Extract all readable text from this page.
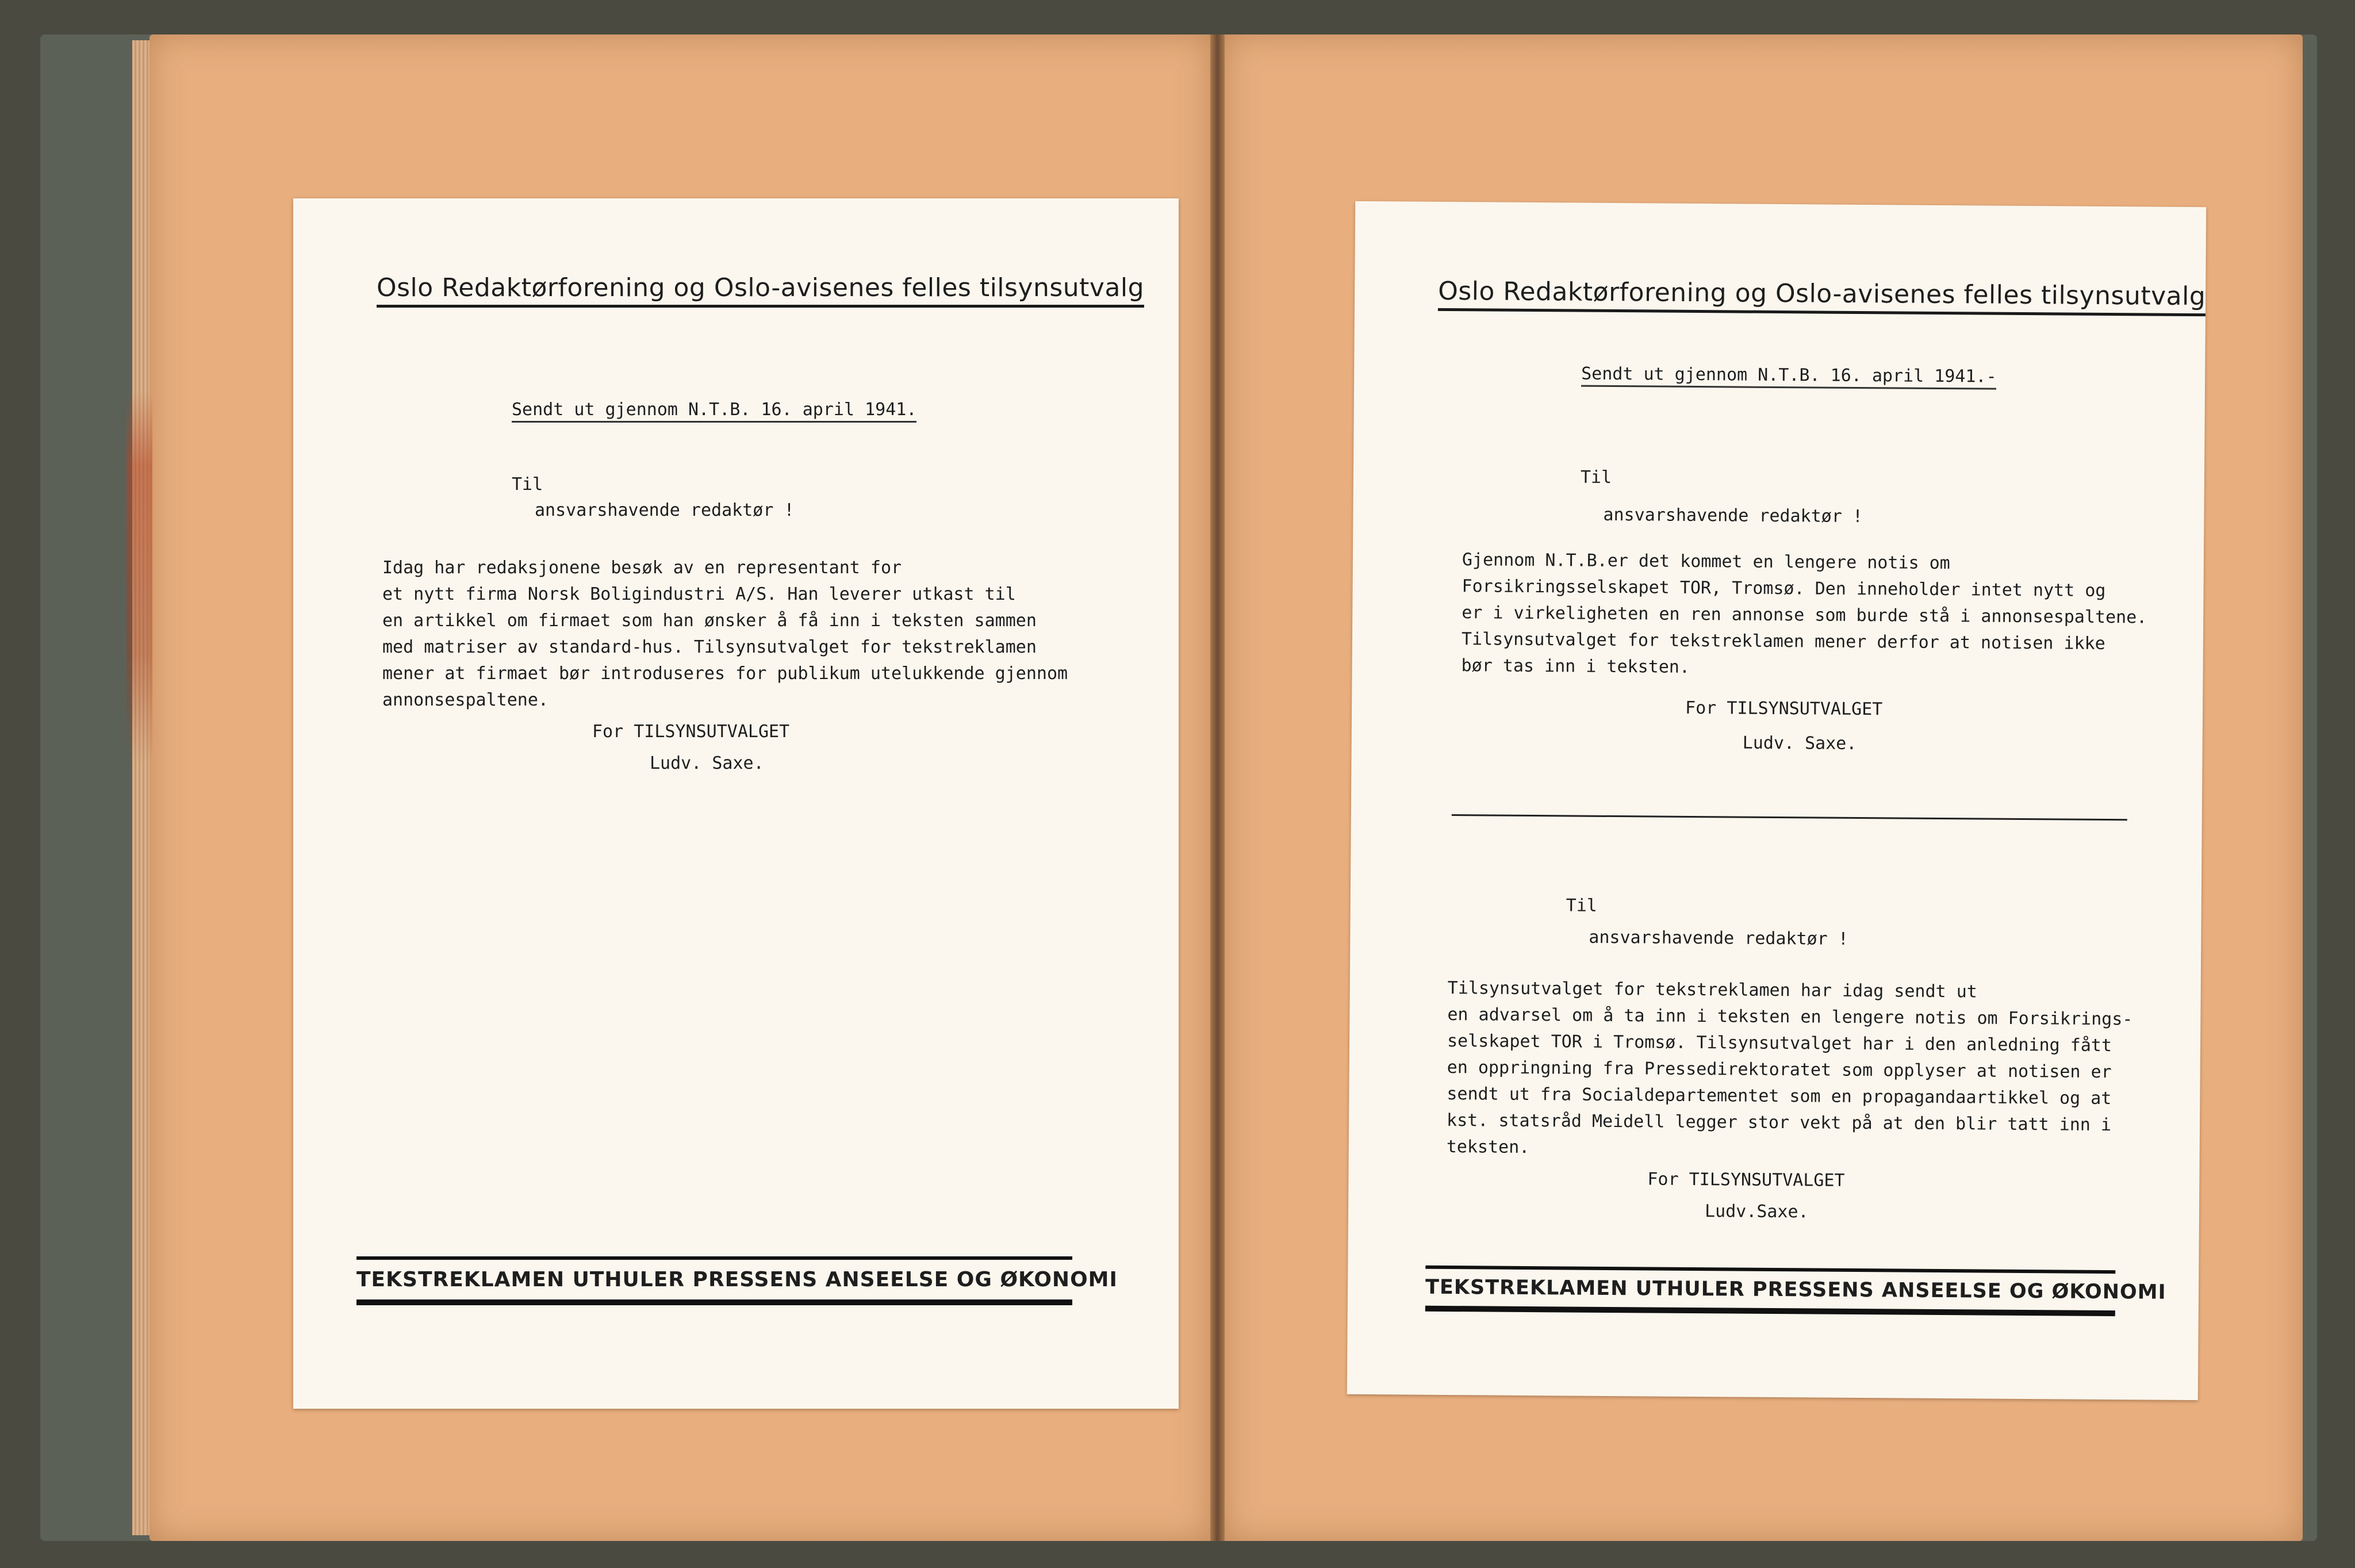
Oslo Redaktørforening og Oslo-avisenes felles tilsynsutvalg
Sendt ut gjennom N.T.B. 16. april 1941.
Til
ansvarshavende redaktør !
Idag har redaksjonene besøk av en representant for
et nytt firma Norsk Boligindustri A/S. Han leverer utkast til
en artikkel om firmaet som han ønsker å få inn i teksten sammen
med matriser av standard-hus. Tilsynsutvalget for tekstreklamen
mener at firmaet bør introduseres for publikum utelukkende gjennom
annonsespaltene.
For TILSYNSUTVALGET
Ludv. Saxe.
TEKSTREKLAMEN UTHULER PRESSENS ANSEELSE OG ØKONOMI
Oslo Redaktørforening og Oslo-avisenes felles tilsynsutvalg
Sendt ut gjennom N.T.B. 16. april 1941.-
Til
ansvarshavende redaktør !
Gjennom N.T.B.er det kommet en lengere notis om
Forsikringsselskapet TOR, Tromsø. Den inneholder intet nytt og
er i virkeligheten en ren annonse som burde stå i annonsespaltene.
Tilsynsutvalget for tekstreklamen mener derfor at notisen ikke
bør tas inn i teksten.
For TILSYNSUTVALGET
Ludv. Saxe.
Til
ansvarshavende redaktør !
Tilsynsutvalget for tekstreklamen har idag sendt ut
en advarsel om å ta inn i teksten en lengere notis om Forsikrings-
selskapet TOR i Tromsø. Tilsynsutvalget har i den anledning fått
en oppringning fra Pressedirektoratet som opplyser at notisen er
sendt ut fra Socialdepartementet som en propagandaartikkel og at
kst. statsråd Meidell legger stor vekt på at den blir tatt inn i
teksten.
For TILSYNSUTVALGET
Ludv.Saxe.
TEKSTREKLAMEN UTHULER PRESSENS ANSEELSE OG ØKONOMI
